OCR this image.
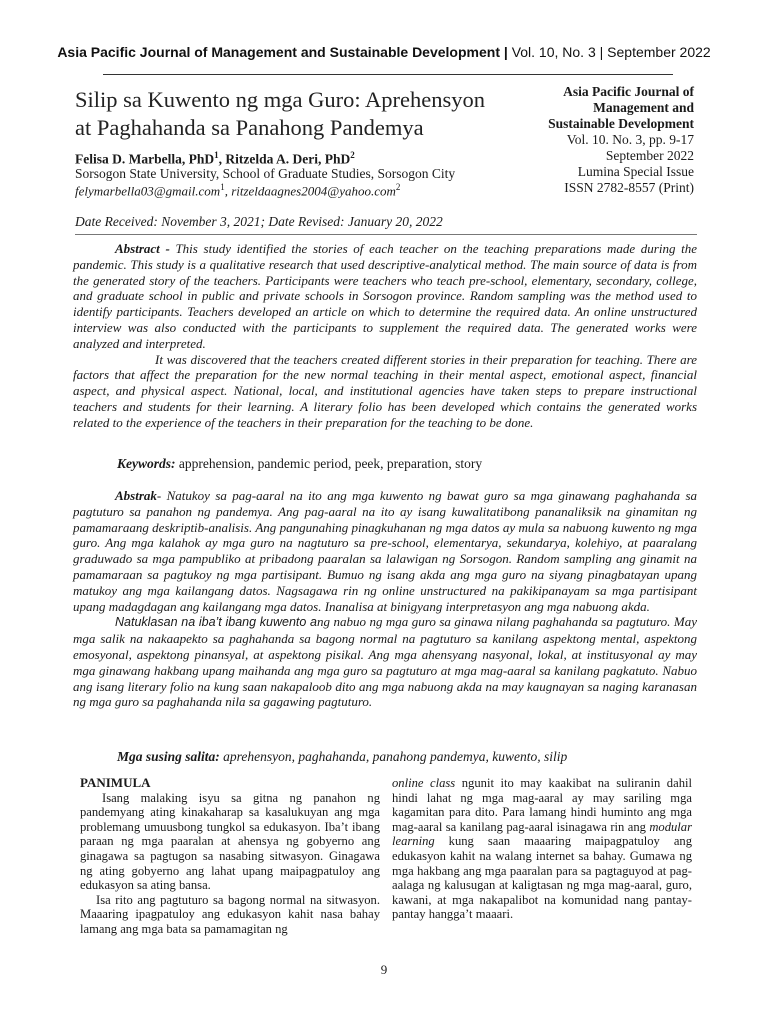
Asia Pacific Journal of Management and Sustainable Development | Vol. 10, No. 3 | September 2022
Silip sa Kuwento ng mga Guro: Aprehensyon
at Paghahanda sa Panahong Pandemya
Felisa D. Marbella, PhD$^1$, Ritzelda A. Deri, PhD$^2$
Sorsogon State University, School of Graduate Studies, Sorsogon City
felymarbella03@gmail.com$^1$, ritzeldaagnes2004@yahoo.com$^2$
Asia Pacific Journal of
Management and
Sustainable Development
Vol. 10. No. 3, pp. 9-17
September 2022
Lumina Special Issue
ISSN 2782-8557 (Print)
Date Received: November 3, 2021; Date Revised: January 20, 2022

Abstract - This study identified the stories of each teacher on the teaching preparations made during the pandemic. This study is a qualitative research that used descriptive-analytical method. The main source of data is from the generated story of the teachers. Participants were teachers who teach pre-school, elementary, secondary, college, and graduate school in public and private schools in Sorsogon province. Random sampling was the method used to identify participants. Teachers developed an article on which to determine the required data. An online unstructured interview was also conducted with the participants to supplement the required data. The generated works were analyzed and interpreted.

It was discovered that the teachers created different stories in their preparation for teaching. There are factors that affect the preparation for the new normal teaching in their mental aspect, emotional aspect, financial aspect, and physical aspect. National, local, and institutional agencies have taken steps to prepare instructional teachers and students for their learning. A literary folio has been developed which contains the generated works related to the experience of the teachers in their preparation for the teaching to be done.

Keywords: apprehension, pandemic period, peek, preparation, story

Abstrak- Natukoy sa pag-aaral na ito ang mga kuwento ng bawat guro sa mga ginawang paghahanda sa pagtuturo sa panahon ng pandemya. Ang pag-aaral na ito ay isang kuwalitatibong pananaliksik na ginamitan ng pamamaraang deskriptib-analisis. Ang pangunahing pinagkuhanan ng mga datos ay mula sa nabuong kuwento ng mga guro. Ang mga kalahok ay mga guro na nagtuturo sa pre-school, elementarya, sekundarya, kolehiyo, at paaralang graduwado sa mga pampubliko at pribadong paaralan sa lalawigan ng Sorsogon. Random sampling ang ginamit na pamamaraan sa pagtukoy ng mga partisipant. Bumuo ng isang akda ang mga guro na siyang pinagbatayan upang matukoy ang mga kailangang datos. Nagsagawa rin ng online unstructured na pakikipanayam sa mga partisipant upang madagdagan ang kailangang mga datos. Inanalisa at binigyang interpretasyon ang mga nabuong akda.

Natuklasan na iba’t ibang kuwento ang nabuo ng mga guro sa ginawa nilang paghahanda sa pagtuturo. May mga salik na nakaapekto sa paghahanda sa bagong normal na pagtuturo sa kanilang aspektong mental, aspektong emosyonal, aspektong pinansyal, at aspektong pisikal. Ang mga ahensyang nasyonal, lokal, at institusyonal ay may mga ginawang hakbang upang maihanda ang mga guro sa pagtuturo at mga mag-aaral sa kanilang pagkatuto. Nabuo ang isang literary folio na kung saan nakapaloob dito ang mga nabuong akda na may kaugnayan sa naging karanasan ng mga guro sa paghahanda nila sa gagawing pagtuturo.

Mga susing salita: aprehensyon, paghahanda, panahong pandemya, kuwento, silip
PANIMULA

Isang malaking isyu sa gitna ng panahon ng pandemyang ating kinakaharap sa kasalukuyan ang mga problemang umuusbong tungkol sa edukasyon. Iba’t ibang paraan ng mga paaralan at ahensya ng gobyerno ang ginagawa sa pagtugon sa nasabing sitwasyon. Ginagawa ng ating gobyerno ang lahat upang maipagpatuloy ang edukasyon sa ating bansa.

Isa rito ang pagtuturo sa bagong normal na sitwasyon. Maaaring ipagpatuloy ang edukasyon kahit nasa bahay lamang ang mga bata sa pamamagitan ng

online class ngunit ito may kaakibat na suliranin dahil hindi lahat ng mga mag-aaral ay may sariling mga kagamitan para dito. Para lamang hindi huminto ang mga mag-aaral sa kanilang pag-aaral isinagawa rin ang modular learning kung saan maaaring maipagpatuloy ang edukasyon kahit na walang internet sa bahay. Gumawa ng mga hakbang ang mga paaralan para sa pagtaguyod at pag-aalaga ng kalusugan at kaligtasan ng mga mag-aaral, guro, kawani, at mga nakapalibot na komunidad nang pantay-pantay hangga’t maaari.

9
